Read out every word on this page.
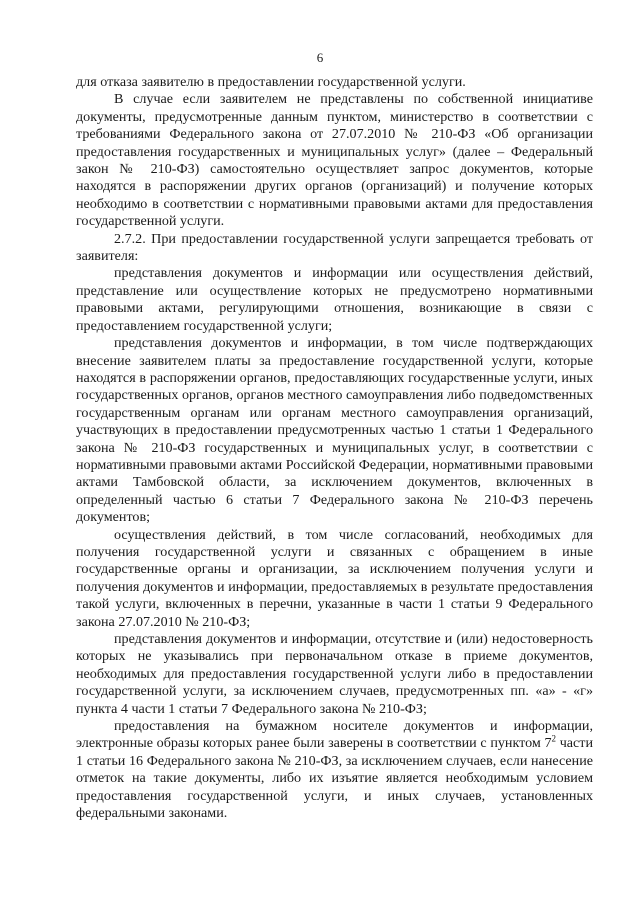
6

для отказа заявителю в предоставлении государственной услуги.

В случае если заявителем не представлены по собственной инициативе документы, предусмотренные данным пунктом, министерство в соответствии с требованиями Федерального закона от 27.07.2010 № 210-ФЗ «Об организации предоставления государственных и муниципальных услуг» (далее – Федеральный закон № 210-ФЗ) самостоятельно осуществляет запрос документов, которые находятся в распоряжении других органов (организаций) и получение которых необходимо в соответствии с нормативными правовыми актами для предоставления государственной услуги.

2.7.2. При предоставлении государственной услуги запрещается требовать от заявителя:

представления документов и информации или осуществления действий, представление или осуществление которых не предусмотрено нормативными правовыми актами, регулирующими отношения, возникающие в связи с предоставлением государственной услуги;

представления документов и информации, в том числе подтверждающих внесение заявителем платы за предоставление государственной услуги, которые находятся в распоряжении органов, предоставляющих государственные услуги, иных государственных органов, органов местного самоуправления либо подведомственных государственным органам или органам местного самоуправления организаций, участвующих в предоставлении предусмотренных частью 1 статьи 1 Федерального закона № 210-ФЗ государственных и муниципальных услуг, в соответствии с нормативными правовыми актами Российской Федерации, нормативными правовыми актами Тамбовской области, за исключением документов, включенных в определенный частью 6 статьи 7 Федерального закона № 210-ФЗ перечень документов;

осуществления действий, в том числе согласований, необходимых для получения государственной услуги и связанных с обращением в иные государственные органы и организации, за исключением получения услуги и получения документов и информации, предоставляемых в результате предоставления такой услуги, включенных в перечни, указанные в части 1 статьи 9 Федерального закона 27.07.2010 № 210-ФЗ;

представления документов и информации, отсутствие и (или) недостоверность которых не указывались при первоначальном отказе в приеме документов, необходимых для предоставления государственной услуги либо в предоставлении государственной услуги, за исключением случаев, предусмотренных пп. «а» - «г» пункта 4 части 1 статьи 7 Федерального закона № 210-ФЗ;

предоставления на бумажном носителе документов и информации, электронные образы которых ранее были заверены в соответствии с пунктом $7^2$ части 1 статьи 16 Федерального закона № 210-ФЗ, за исключением случаев, если нанесение отметок на такие документы, либо их изъятие является необходимым условием предоставления государственной услуги, и иных случаев, установленных федеральными законами.
